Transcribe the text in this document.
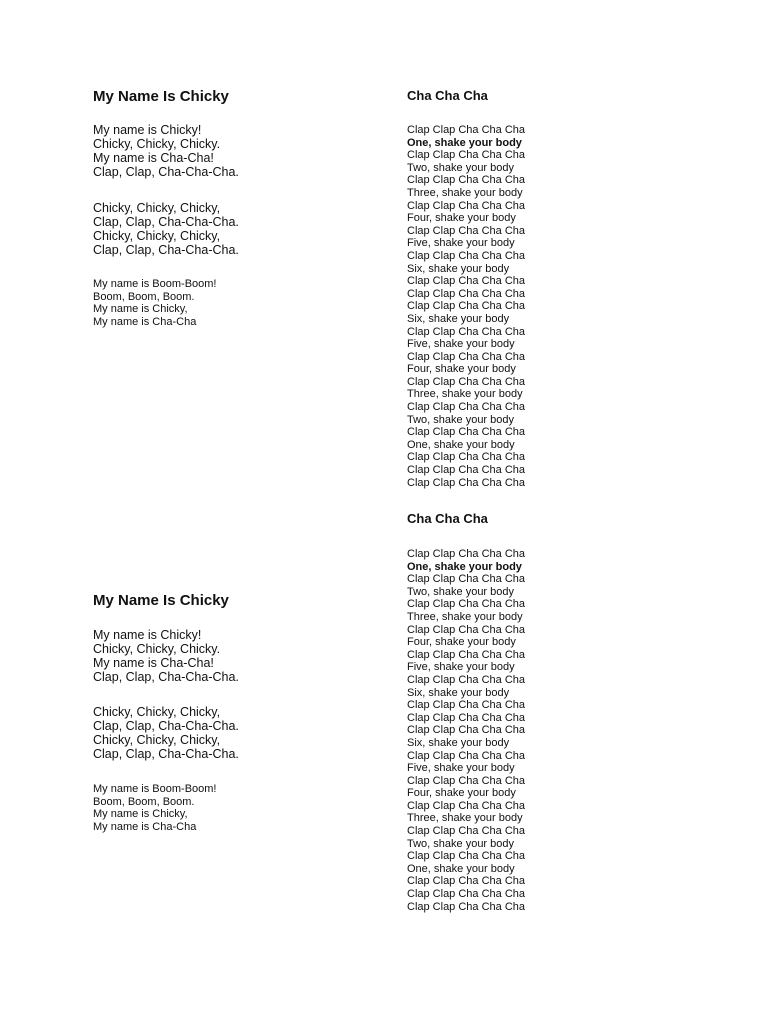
My Name Is Chicky
My name is Chicky!
Chicky, Chicky, Chicky.
My name is Cha-Cha!
Clap, Clap, Cha-Cha-Cha.
Chicky, Chicky, Chicky,
Clap, Clap, Cha-Cha-Cha.
Chicky, Chicky, Chicky,
Clap, Clap, Cha-Cha-Cha.
My name is Boom-Boom!
Boom, Boom, Boom.
My name is Chicky,
My name is Cha-Cha
My Name Is Chicky
My name is Chicky!
Chicky, Chicky, Chicky.
My name is Cha-Cha!
Clap, Clap, Cha-Cha-Cha.
Chicky, Chicky, Chicky,
Clap, Clap, Cha-Cha-Cha.
Chicky, Chicky, Chicky,
Clap, Clap, Cha-Cha-Cha.
My name is Boom-Boom!
Boom, Boom, Boom.
My name is Chicky,
My name is Cha-Cha
Cha Cha Cha
Clap Clap Cha Cha Cha
One, shake your body
Clap Clap Cha Cha Cha
Two, shake your body
Clap Clap Cha Cha Cha
Three, shake your body
Clap Clap Cha Cha Cha
Four, shake your body
Clap Clap Cha Cha Cha
Five, shake your body
Clap Clap Cha Cha Cha
Six, shake your body
Clap Clap Cha Cha Cha
Clap Clap Cha Cha Cha
Clap Clap Cha Cha Cha
Six, shake your body
Clap Clap Cha Cha Cha
Five, shake your body
Clap Clap Cha Cha Cha
Four, shake your body
Clap Clap Cha Cha Cha
Three, shake your body
Clap Clap Cha Cha Cha
Two, shake your body
Clap Clap Cha Cha Cha
One, shake your body
Clap Clap Cha Cha Cha
Clap Clap Cha Cha Cha
Clap Clap Cha Cha Cha
Cha Cha Cha
Clap Clap Cha Cha Cha
One, shake your body
Clap Clap Cha Cha Cha
Two, shake your body
Clap Clap Cha Cha Cha
Three, shake your body
Clap Clap Cha Cha Cha
Four, shake your body
Clap Clap Cha Cha Cha
Five, shake your body
Clap Clap Cha Cha Cha
Six, shake your body
Clap Clap Cha Cha Cha
Clap Clap Cha Cha Cha
Clap Clap Cha Cha Cha
Six, shake your body
Clap Clap Cha Cha Cha
Five, shake your body
Clap Clap Cha Cha Cha
Four, shake your body
Clap Clap Cha Cha Cha
Three, shake your body
Clap Clap Cha Cha Cha
Two, shake your body
Clap Clap Cha Cha Cha
One, shake your body
Clap Clap Cha Cha Cha
Clap Clap Cha Cha Cha
Clap Clap Cha Cha Cha
